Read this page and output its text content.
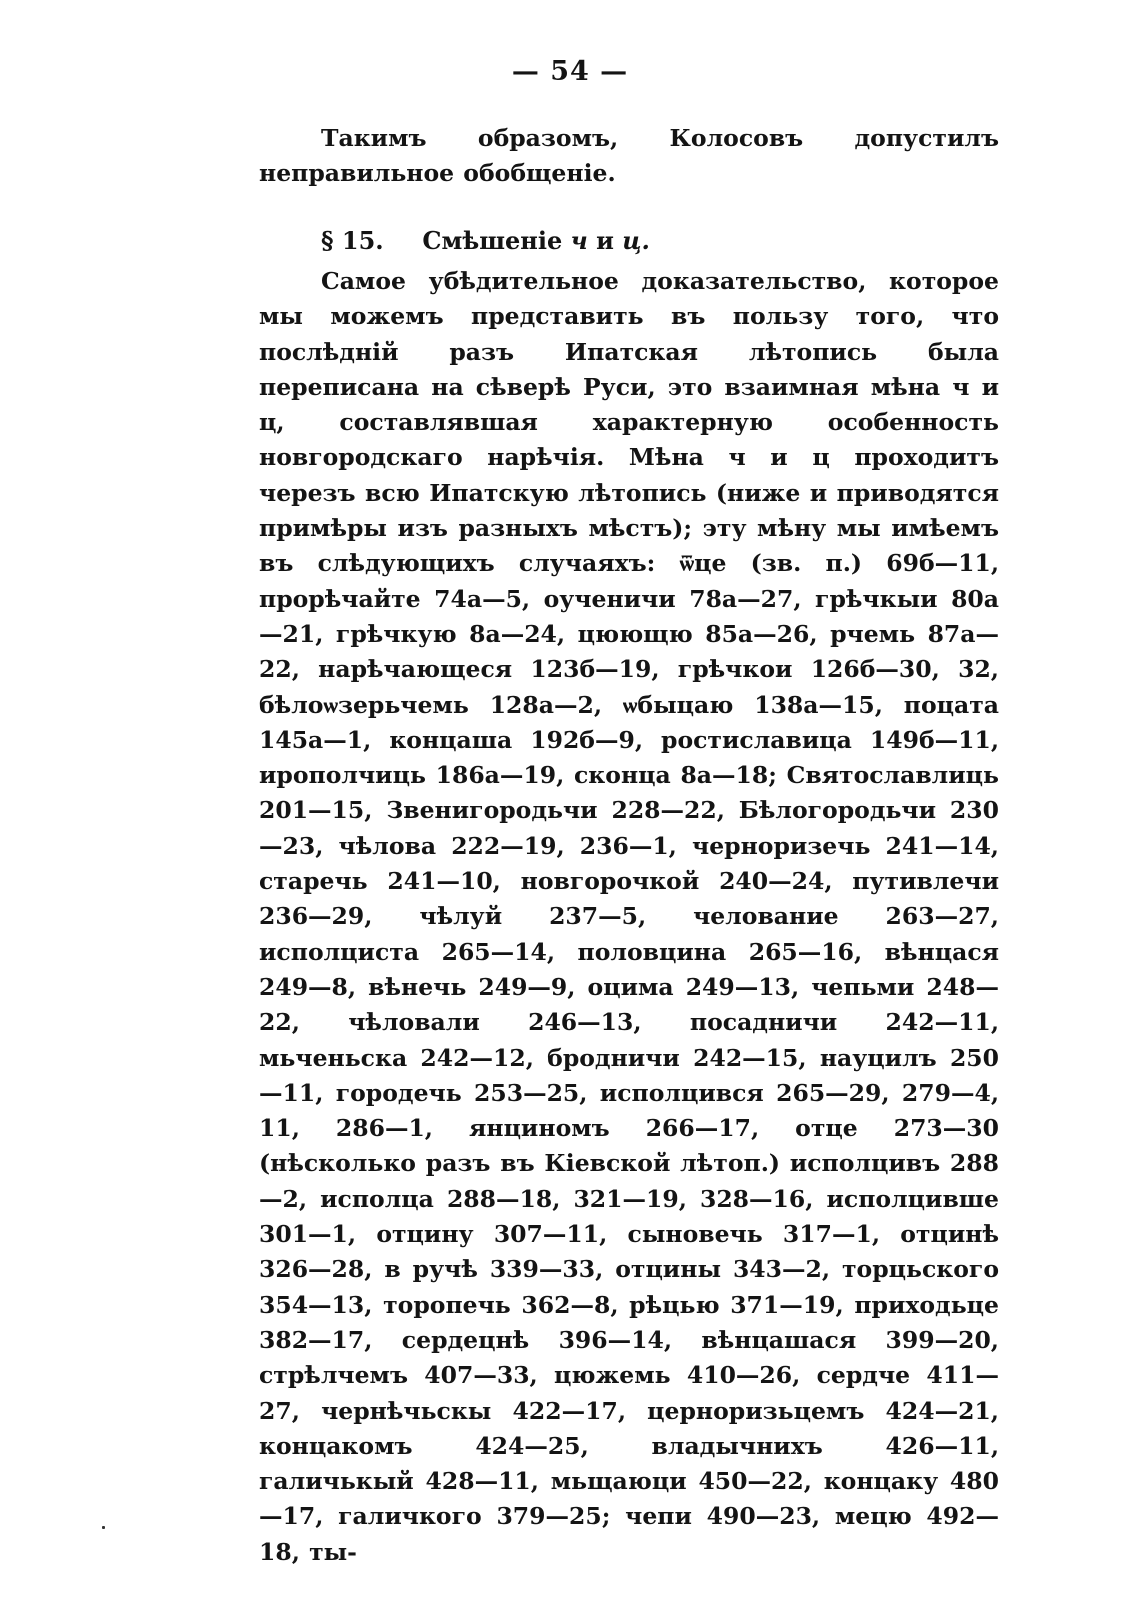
— 54 —

Такимъ образомъ, Колосовъ допустилъ неправильное обобщеніе.

§ 15. Смѣшеніе ч и ц.

Самое убѣдительное доказательство, которое мы можемъ представить въ пользу того, что послѣдній разъ Ипатская лѣтопись была переписана на сѣверѣ Руси, это взаимная мѣна ч и ц, составлявшая характерную особенность новгородскаго нарѣчія. Мѣна ч и ц проходитъ черезъ всю Ипатскую лѣтопись (ниже и приводятся примѣры изъ разныхъ мѣстъ); эту мѣну мы имѣемъ въ слѣдующихъ случаяхъ: ѿце (зв. п.) 69б—11, прорѣчайте 74а—5, оученичи 78а—27, грѣчкыи 80а—21, грѣчкую 8а—24, цюющю 85а—26, рчемь 87а—22, нарѣчающеся 123б—19, грѣчкои 126б—30, 32, бѣлоѡзерьчемь 128а—2, ѡбыцаю 138а—15, поцата 145а—1, концаша 192б—9, ростиславица 149б—11, ирополчиць 186а—19, сконца 8а—18; Святославлиць 201—15, Звенигородьчи 228—22, Бѣлогородьчи 230—23, чѣлова 222—19, 236—1, черноризечь 241—14, старечь 241—10, новгорочкой 240—24, путивлечи 236—29, чѣлуй 237—5, челование 263—27, исполциста 265—14, половцина 265—16, вѣнцася 249—8, вѣнечь 249—9, оцима 249—13, чепьми 248—22, чѣловали 246—13, посадничи 242—11, мьченьска 242—12, бродничи 242—15, науцилъ 250—11, городечь 253—25, исполцився 265—29, 279—4, 11, 286—1, янциномъ 266—17, отце 273—30 (нѣсколько разъ въ Кіевской лѣтоп.) исполцивъ 288—2, исполца 288—18, 321—19, 328—16, исполцивше 301—1, отцину 307—11, сыновечь 317—1, отцинѣ 326—28, в ручѣ 339—33, отцины 343—2, торцьского 354—13, торопечь 362—8, рѣцью 371—19, приходьце 382—17, сердецнѣ 396—14, вѣнцашася 399—20, стрѣлчемъ 407—33, цюжемь 410—26, сердче 411—27, чернѣчьскы 422—17, церноризьцемъ 424—21, концакомъ 424—25, владычнихъ 426—11, галичькый 428—11, мьщаюци 450—22, концаку 480—17, галичкого 379—25; чепи 490—23, мецю 492—18, ты-
